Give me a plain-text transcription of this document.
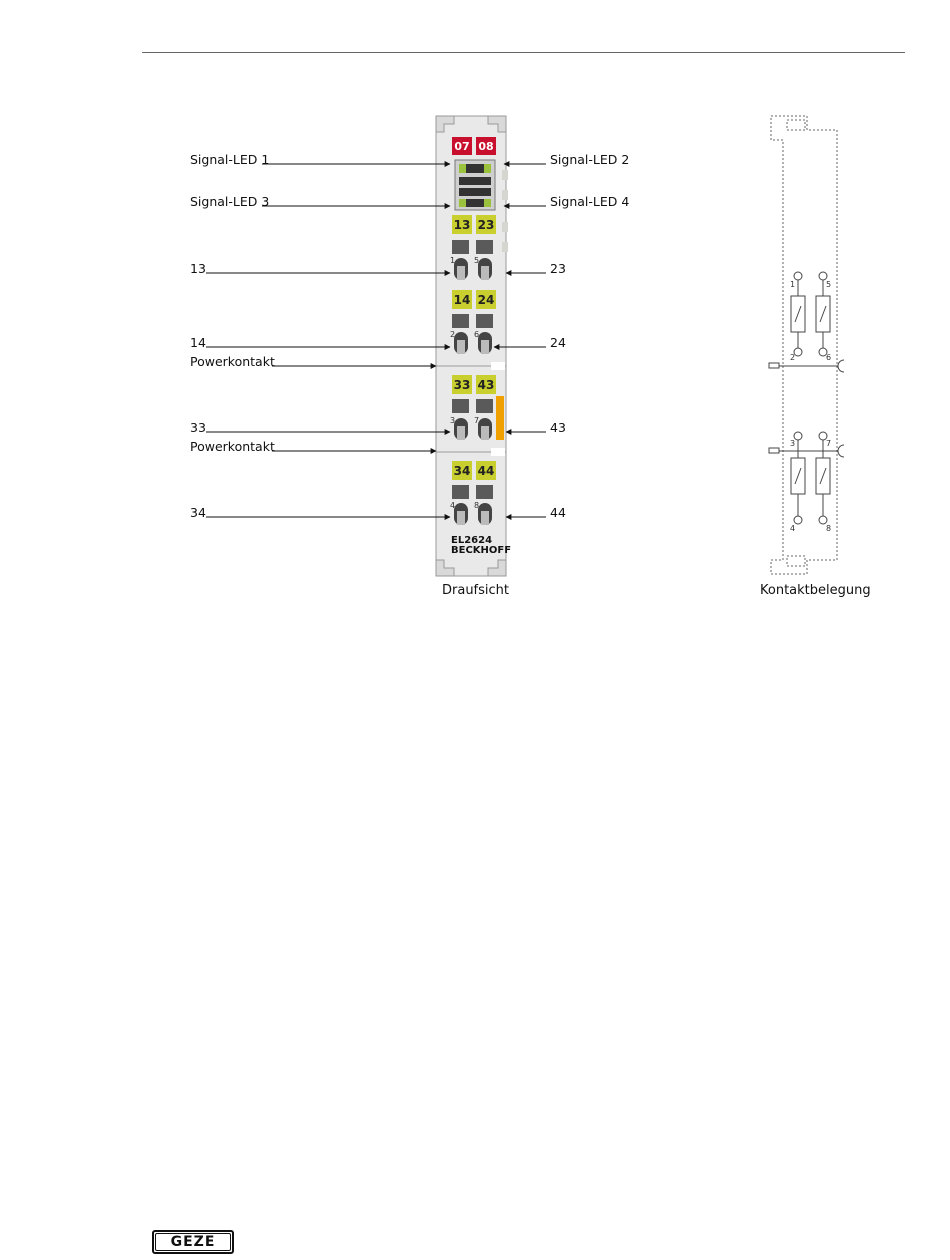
07 08
13 23
14 24
33 43
34 44
1 5
2 6
3 7
4 8
EL2624
BECKHOFF
1	5
2	6
3	7
4	8
Signal-LED 1
Signal-LED 3
13
14
Powerkontakt
33
Powerkontakt
34
Signal-LED 2
Signal-LED 4
23
24
43
44
Draufsicht	Kontaktbelegung
GEZE
